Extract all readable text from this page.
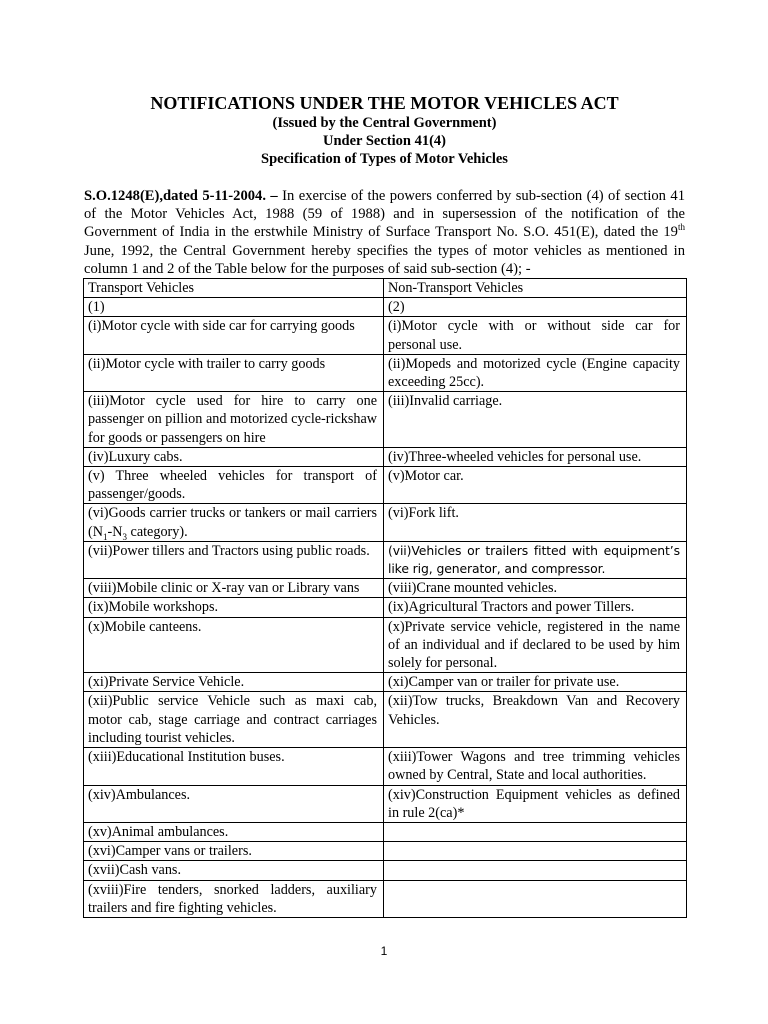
NOTIFICATIONS UNDER THE MOTOR VEHICLES ACT
(Issued by the Central Government)
Under Section 41(4)
Specification of Types of Motor Vehicles

S.O.1248(E),dated 5-11-2004. – In exercise of the powers conferred by sub-section (4) of section 41 of the Motor Vehicles Act, 1988 (59 of 1988) and in supersession of the notification of the Government of India in the erstwhile Ministry of Surface Transport No. S.O. 451(E), dated the 19th June, 1992, the Central Government hereby specifies the types of motor vehicles as mentioned in column 1 and 2 of the Table below for the purposes of said sub-section (4); -

Transport Vehicles	Non-Transport Vehicles
(1)	(2)
(i)Motor cycle with side car for carrying goods	(i)Motor cycle with or without side car for personal use.
(ii)Motor cycle with trailer to carry goods	(ii)Mopeds and motorized cycle (Engine capacity exceeding 25cc).
(iii)Motor cycle used for hire to carry one passenger on pillion and motorized cycle-rickshaw for goods or passengers on hire	(iii)Invalid carriage.
(iv)Luxury cabs.	(iv)Three-wheeled vehicles for personal use.
(v) Three wheeled vehicles for transport of passenger/goods.	(v)Motor car.
(vi)Goods carrier trucks or tankers or mail carriers ($N_1-N_3$ category).	(vi)Fork lift.
(vii)Power tillers and Tractors using public roads.	(vii)Vehicles or trailers fitted with equipment’s like rig, generator, and compressor.
(viii)Mobile clinic or X-ray van or Library vans	(viii)Crane mounted vehicles.
(ix)Mobile workshops.	(ix)Agricultural Tractors and power Tillers.
(x)Mobile canteens.	(x)Private service vehicle, registered in the name of an individual and if declared to be used by him solely for personal.
(xi)Private Service Vehicle.	(xi)Camper van or trailer for private use.
(xii)Public service Vehicle such as maxi cab, motor cab, stage carriage and contract carriages including tourist vehicles.	(xii)Tow trucks, Breakdown Van and Recovery Vehicles.
(xiii)Educational Institution buses.	(xiii)Tower Wagons and tree trimming vehicles owned by Central, State and local authorities.
(xiv)Ambulances.	(xiv)Construction Equipment vehicles as defined in rule 2(ca)*
(xv)Animal ambulances.	
(xvi)Camper vans or trailers.	
(xvii)Cash vans.	
(xviii)Fire tenders, snorked ladders, auxiliary trailers and fire fighting vehicles.	
1
